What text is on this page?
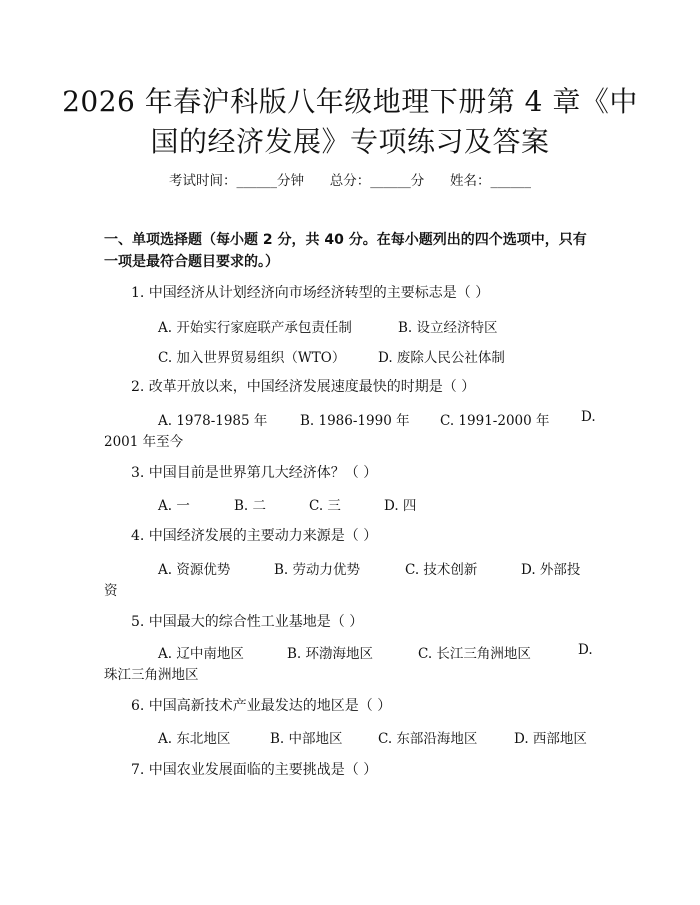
2026 年春沪科版八年级地理下册第 4 章《中
国的经济发展》专项练习及答案
考试时间：______分钟      总分：______分      姓名：______
一、单项选择题（每小题 2 分，共 40 分。在每小题列出的四个选项中，只有一项是最符合题目要求的。）
1. 中国经济从计划经济向市场经济转型的主要标志是（ ）
A. 开始实行家庭联产承包责任制	B. 设立经济特区
C. 加入世界贸易组织（WTO） D. 废除人民公社体制
2. 改革开放以来，中国经济发展速度最快的时期是（ ）
A. 1978-1985 年 B. 1986-1990 年 C. 1991-2000 年 D.
2001 年至今
3. 中国目前是世界第几大经济体？（ ）
A. 一	B. 二	C. 三	D. 四
4. 中国经济发展的主要动力来源是（ ）
A. 资源优势	B. 劳动力优势	C. 技术创新	D. 外部投
资
5. 中国最大的综合性工业基地是（ ）
A. 辽中南地区	B. 环渤海地区	C. 长江三角洲地区	D.
珠江三角洲地区
6. 中国高新技术产业最发达的地区是（ ）
A. 东北地区	B. 中部地区	C. 东部沿海地区	D. 西部地区
7. 中国农业发展面临的主要挑战是（ ）
